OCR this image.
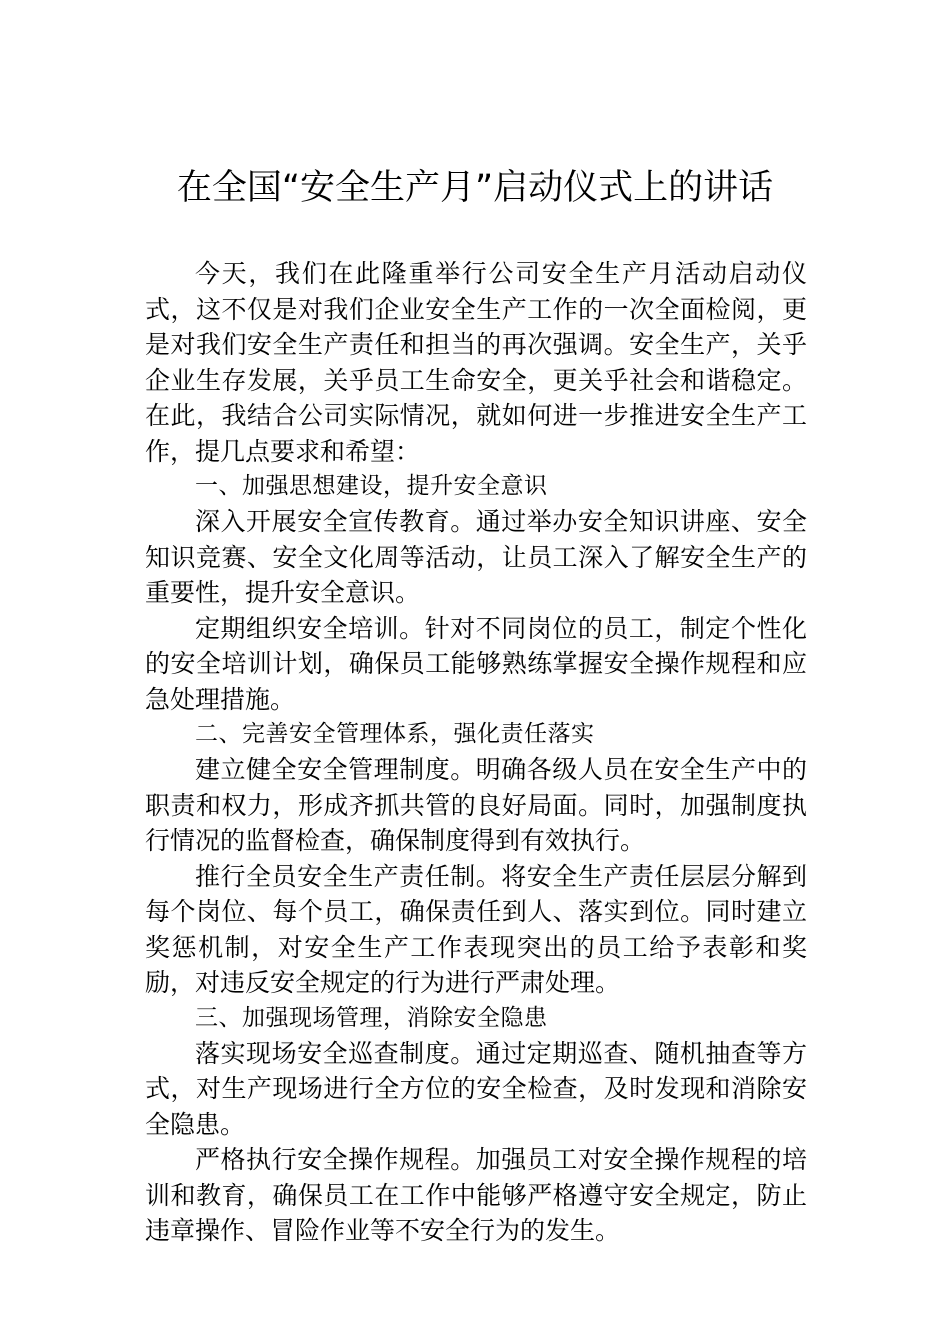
在全国“安全生产月”启动仪式上的讲话

今天，我们在此隆重举行公司安全生产月活动启动仪式，这不仅是对我们企业安全生产工作的一次全面检阅，更是对我们安全生产责任和担当的再次强调。安全生产，关乎企业生存发展，关乎员工生命安全，更关乎社会和谐稳定。在此，我结合公司实际情况，就如何进一步推进安全生产工作，提几点要求和希望：

一、加强思想建设，提升安全意识

深入开展安全宣传教育。通过举办安全知识讲座、安全知识竞赛、安全文化周等活动，让员工深入了解安全生产的重要性，提升安全意识。

定期组织安全培训。针对不同岗位的员工，制定个性化的安全培训计划，确保员工能够熟练掌握安全操作规程和应急处理措施。

二、完善安全管理体系，强化责任落实

建立健全安全管理制度。明确各级人员在安全生产中的职责和权力，形成齐抓共管的良好局面。同时，加强制度执行情况的监督检查，确保制度得到有效执行。

推行全员安全生产责任制。将安全生产责任层层分解到每个岗位、每个员工，确保责任到人、落实到位。同时建立奖惩机制，对安全生产工作表现突出的员工给予表彰和奖励，对违反安全规定的行为进行严肃处理。

三、加强现场管理，消除安全隐患

落实现场安全巡查制度。通过定期巡查、随机抽查等方式，对生产现场进行全方位的安全检查，及时发现和消除安全隐患。

严格执行安全操作规程。加强员工对安全操作规程的培训和教育，确保员工在工作中能够严格遵守安全规定，防止违章操作、冒险作业等不安全行为的发生。
